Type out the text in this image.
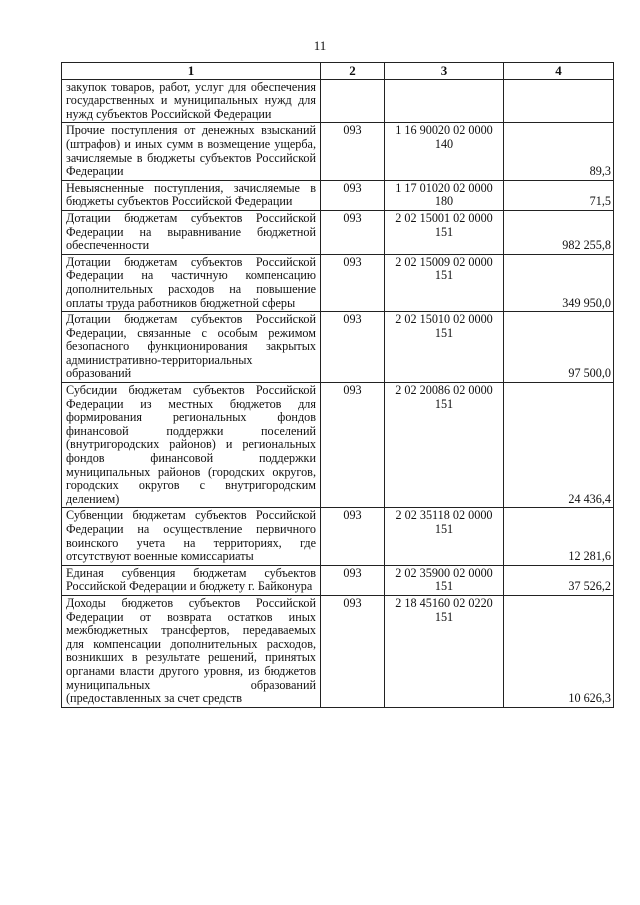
11
1	2	3	4
закупок товаров, работ, услуг для обеспечения государственных и муниципальных нужд для нужд субъектов Российской Федерации			
Прочие поступления от денежных взысканий (штрафов) и иных сумм в возмещение ущерба, зачисляемые в бюджеты субъектов Российской Федерации	093	1 16 90020 02 0000 140	89,3
Невыясненные поступления, зачисляемые в бюджеты субъектов Российской Федерации	093	1 17 01020 02 0000 180	71,5
Дотации бюджетам субъектов Российской Федерации на выравнивание бюджетной обеспеченности	093	2 02 15001 02 0000 151	982 255,8
Дотации бюджетам субъектов Российской Федерации на частичную компенсацию дополнительных расходов на повышение оплаты труда работников бюджетной сферы	093	2 02 15009 02 0000 151	349 950,0
Дотации бюджетам субъектов Российской Федерации, связанные с особым режимом безопасного функционирования закрытых административно-территориальных образований	093	2 02 15010 02 0000 151	97 500,0
Субсидии бюджетам субъектов Российской Федерации из местных бюджетов для формирования региональных фондов финансовой поддержки поселений (внутригородских районов) и региональных фондов финансовой поддержки муниципальных районов (городских округов, городских округов с внутригородским делением)	093	2 02 20086 02 0000 151	24 436,4
Субвенции бюджетам субъектов Российской Федерации на осуществление первичного воинского учета на территориях, где отсутствуют военные комиссариаты	093	2 02 35118 02 0000 151	12 281,6
Единая субвенция бюджетам субъектов Российской Федерации и бюджету г. Байконура	093	2 02 35900 02 0000 151	37 526,2
Доходы бюджетов субъектов Российской Федерации от возврата остатков иных межбюджетных трансфертов, передаваемых для компенсации дополнительных расходов, возникших в результате решений, принятых органами власти другого уровня, из бюджетов муниципальных образований (предоставленных за счет средств	093	2 18 45160 02 0220 151	10 626,3
